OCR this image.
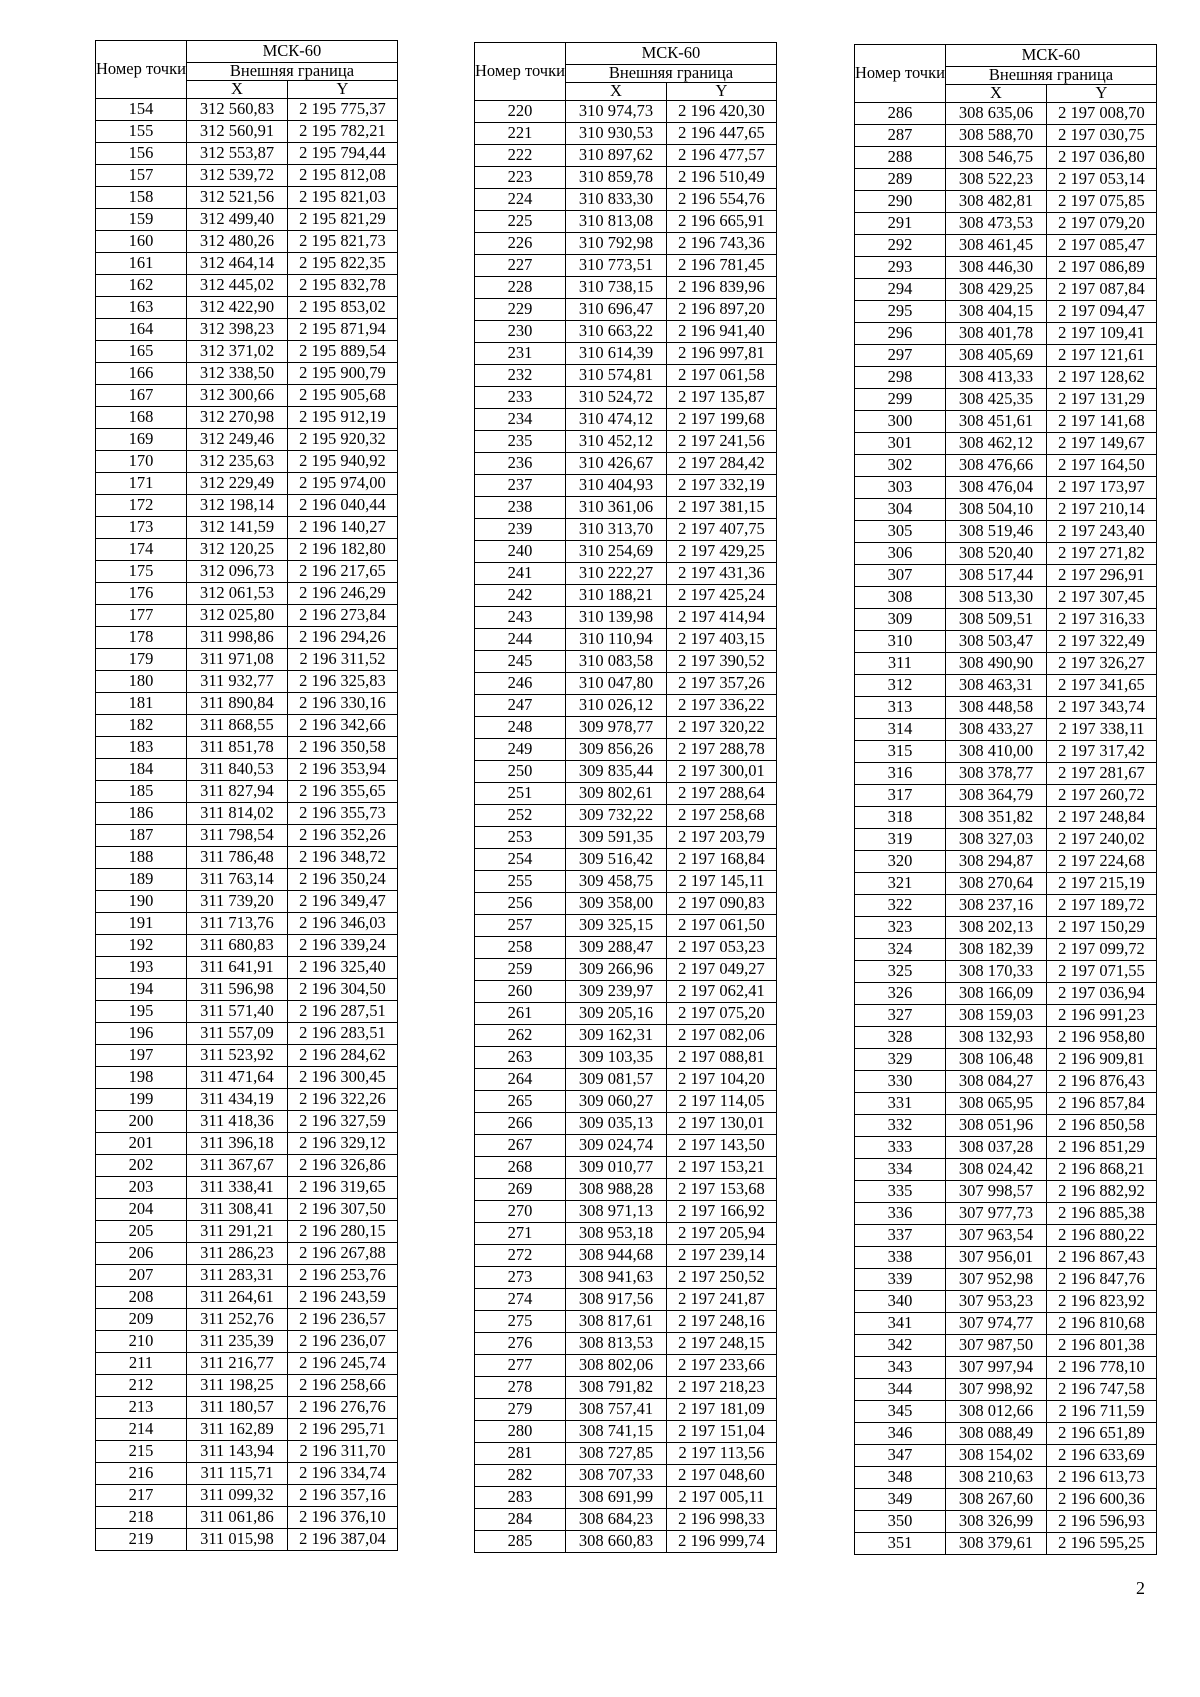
Номер точки	МСК-60	
	Внешняя граница	
	X	Y
154	312 560,83	2 195 775,37
155	312 560,91	2 195 782,21
156	312 553,87	2 195 794,44
157	312 539,72	2 195 812,08
158	312 521,56	2 195 821,03
159	312 499,40	2 195 821,29
160	312 480,26	2 195 821,73
161	312 464,14	2 195 822,35
162	312 445,02	2 195 832,78
163	312 422,90	2 195 853,02
164	312 398,23	2 195 871,94
165	312 371,02	2 195 889,54
166	312 338,50	2 195 900,79
167	312 300,66	2 195 905,68
168	312 270,98	2 195 912,19
169	312 249,46	2 195 920,32
170	312 235,63	2 195 940,92
171	312 229,49	2 195 974,00
172	312 198,14	2 196 040,44
173	312 141,59	2 196 140,27
174	312 120,25	2 196 182,80
175	312 096,73	2 196 217,65
176	312 061,53	2 196 246,29
177	312 025,80	2 196 273,84
178	311 998,86	2 196 294,26
179	311 971,08	2 196 311,52
180	311 932,77	2 196 325,83
181	311 890,84	2 196 330,16
182	311 868,55	2 196 342,66
183	311 851,78	2 196 350,58
184	311 840,53	2 196 353,94
185	311 827,94	2 196 355,65
186	311 814,02	2 196 355,73
187	311 798,54	2 196 352,26
188	311 786,48	2 196 348,72
189	311 763,14	2 196 350,24
190	311 739,20	2 196 349,47
191	311 713,76	2 196 346,03
192	311 680,83	2 196 339,24
193	311 641,91	2 196 325,40
194	311 596,98	2 196 304,50
195	311 571,40	2 196 287,51
196	311 557,09	2 196 283,51
197	311 523,92	2 196 284,62
198	311 471,64	2 196 300,45
199	311 434,19	2 196 322,26
200	311 418,36	2 196 327,59
201	311 396,18	2 196 329,12
202	311 367,67	2 196 326,86
203	311 338,41	2 196 319,65
204	311 308,41	2 196 307,50
205	311 291,21	2 196 280,15
206	311 286,23	2 196 267,88
207	311 283,31	2 196 253,76
208	311 264,61	2 196 243,59
209	311 252,76	2 196 236,57
210	311 235,39	2 196 236,07
211	311 216,77	2 196 245,74
212	311 198,25	2 196 258,66
213	311 180,57	2 196 276,76
214	311 162,89	2 196 295,71
215	311 143,94	2 196 311,70
216	311 115,71	2 196 334,74
217	311 099,32	2 196 357,16
218	311 061,86	2 196 376,10
219	311 015,98	2 196 387,04
Номер точки	МСК-60	
	Внешняя граница	
	X	Y
220	310 974,73	2 196 420,30
221	310 930,53	2 196 447,65
222	310 897,62	2 196 477,57
223	310 859,78	2 196 510,49
224	310 833,30	2 196 554,76
225	310 813,08	2 196 665,91
226	310 792,98	2 196 743,36
227	310 773,51	2 196 781,45
228	310 738,15	2 196 839,96
229	310 696,47	2 196 897,20
230	310 663,22	2 196 941,40
231	310 614,39	2 196 997,81
232	310 574,81	2 197 061,58
233	310 524,72	2 197 135,87
234	310 474,12	2 197 199,68
235	310 452,12	2 197 241,56
236	310 426,67	2 197 284,42
237	310 404,93	2 197 332,19
238	310 361,06	2 197 381,15
239	310 313,70	2 197 407,75
240	310 254,69	2 197 429,25
241	310 222,27	2 197 431,36
242	310 188,21	2 197 425,24
243	310 139,98	2 197 414,94
244	310 110,94	2 197 403,15
245	310 083,58	2 197 390,52
246	310 047,80	2 197 357,26
247	310 026,12	2 197 336,22
248	309 978,77	2 197 320,22
249	309 856,26	2 197 288,78
250	309 835,44	2 197 300,01
251	309 802,61	2 197 288,64
252	309 732,22	2 197 258,68
253	309 591,35	2 197 203,79
254	309 516,42	2 197 168,84
255	309 458,75	2 197 145,11
256	309 358,00	2 197 090,83
257	309 325,15	2 197 061,50
258	309 288,47	2 197 053,23
259	309 266,96	2 197 049,27
260	309 239,97	2 197 062,41
261	309 205,16	2 197 075,20
262	309 162,31	2 197 082,06
263	309 103,35	2 197 088,81
264	309 081,57	2 197 104,20
265	309 060,27	2 197 114,05
266	309 035,13	2 197 130,01
267	309 024,74	2 197 143,50
268	309 010,77	2 197 153,21
269	308 988,28	2 197 153,68
270	308 971,13	2 197 166,92
271	308 953,18	2 197 205,94
272	308 944,68	2 197 239,14
273	308 941,63	2 197 250,52
274	308 917,56	2 197 241,87
275	308 817,61	2 197 248,16
276	308 813,53	2 197 248,15
277	308 802,06	2 197 233,66
278	308 791,82	2 197 218,23
279	308 757,41	2 197 181,09
280	308 741,15	2 197 151,04
281	308 727,85	2 197 113,56
282	308 707,33	2 197 048,60
283	308 691,99	2 197 005,11
284	308 684,23	2 196 998,33
285	308 660,83	2 196 999,74
Номер точки	МСК-60	
	Внешняя граница	
	X	Y
286	308 635,06	2 197 008,70
287	308 588,70	2 197 030,75
288	308 546,75	2 197 036,80
289	308 522,23	2 197 053,14
290	308 482,81	2 197 075,85
291	308 473,53	2 197 079,20
292	308 461,45	2 197 085,47
293	308 446,30	2 197 086,89
294	308 429,25	2 197 087,84
295	308 404,15	2 197 094,47
296	308 401,78	2 197 109,41
297	308 405,69	2 197 121,61
298	308 413,33	2 197 128,62
299	308 425,35	2 197 131,29
300	308 451,61	2 197 141,68
301	308 462,12	2 197 149,67
302	308 476,66	2 197 164,50
303	308 476,04	2 197 173,97
304	308 504,10	2 197 210,14
305	308 519,46	2 197 243,40
306	308 520,40	2 197 271,82
307	308 517,44	2 197 296,91
308	308 513,30	2 197 307,45
309	308 509,51	2 197 316,33
310	308 503,47	2 197 322,49
311	308 490,90	2 197 326,27
312	308 463,31	2 197 341,65
313	308 448,58	2 197 343,74
314	308 433,27	2 197 338,11
315	308 410,00	2 197 317,42
316	308 378,77	2 197 281,67
317	308 364,79	2 197 260,72
318	308 351,82	2 197 248,84
319	308 327,03	2 197 240,02
320	308 294,87	2 197 224,68
321	308 270,64	2 197 215,19
322	308 237,16	2 197 189,72
323	308 202,13	2 197 150,29
324	308 182,39	2 197 099,72
325	308 170,33	2 197 071,55
326	308 166,09	2 197 036,94
327	308 159,03	2 196 991,23
328	308 132,93	2 196 958,80
329	308 106,48	2 196 909,81
330	308 084,27	2 196 876,43
331	308 065,95	2 196 857,84
332	308 051,96	2 196 850,58
333	308 037,28	2 196 851,29
334	308 024,42	2 196 868,21
335	307 998,57	2 196 882,92
336	307 977,73	2 196 885,38
337	307 963,54	2 196 880,22
338	307 956,01	2 196 867,43
339	307 952,98	2 196 847,76
340	307 953,23	2 196 823,92
341	307 974,77	2 196 810,68
342	307 987,50	2 196 801,38
343	307 997,94	2 196 778,10
344	307 998,92	2 196 747,58
345	308 012,66	2 196 711,59
346	308 088,49	2 196 651,89
347	308 154,02	2 196 633,69
348	308 210,63	2 196 613,73
349	308 267,60	2 196 600,36
350	308 326,99	2 196 596,93
351	308 379,61	2 196 595,25
2
